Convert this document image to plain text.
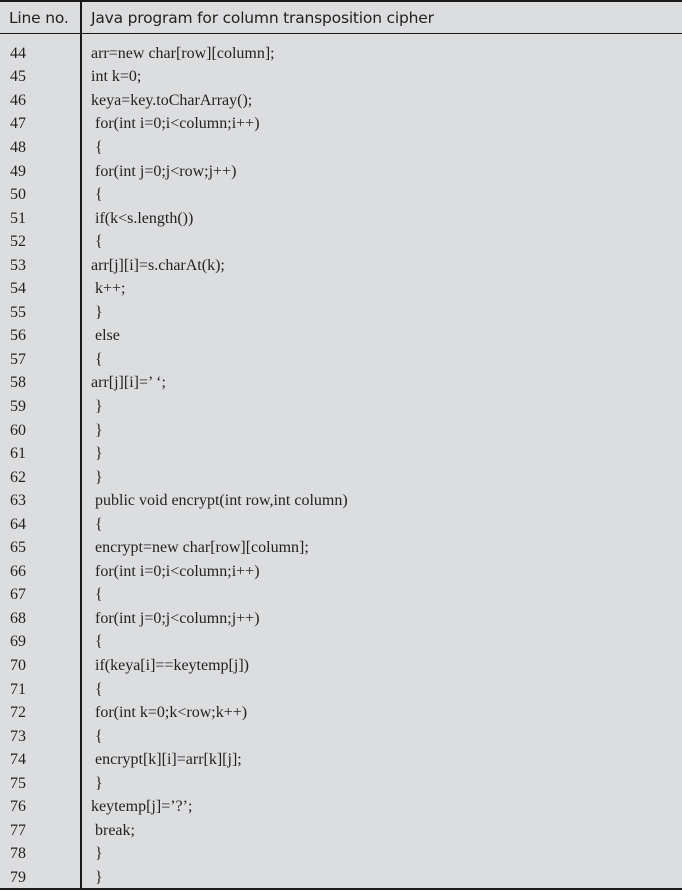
Line no.	Java program for column transposition cipher
44	arr=new char[row][column];
45	int k=0;
46	keya=key.toCharArray();
47	for(int i=0;i<column;i++)
48	{
49	for(int j=0;j<row;j++)
50	{
51	if(k<s.length())
52	{
53	arr[j][i]=s.charAt(k);
54	k++;
55	}
56	else
57	{
58	arr[j][i]=’ ‘;
59	}
60	}
61	}
62	}
63	public void encrypt(int row,int column)
64	{
65	encrypt=new char[row][column];
66	for(int i=0;i<column;i++)
67	{
68	for(int j=0;j<column;j++)
69	{
70	if(keya[i]==keytemp[j])
71	{
72	for(int k=0;k<row;k++)
73	{
74	encrypt[k][i]=arr[k][j];
75	}
76	keytemp[j]=’?’;
77	break;
78	}
79	}
